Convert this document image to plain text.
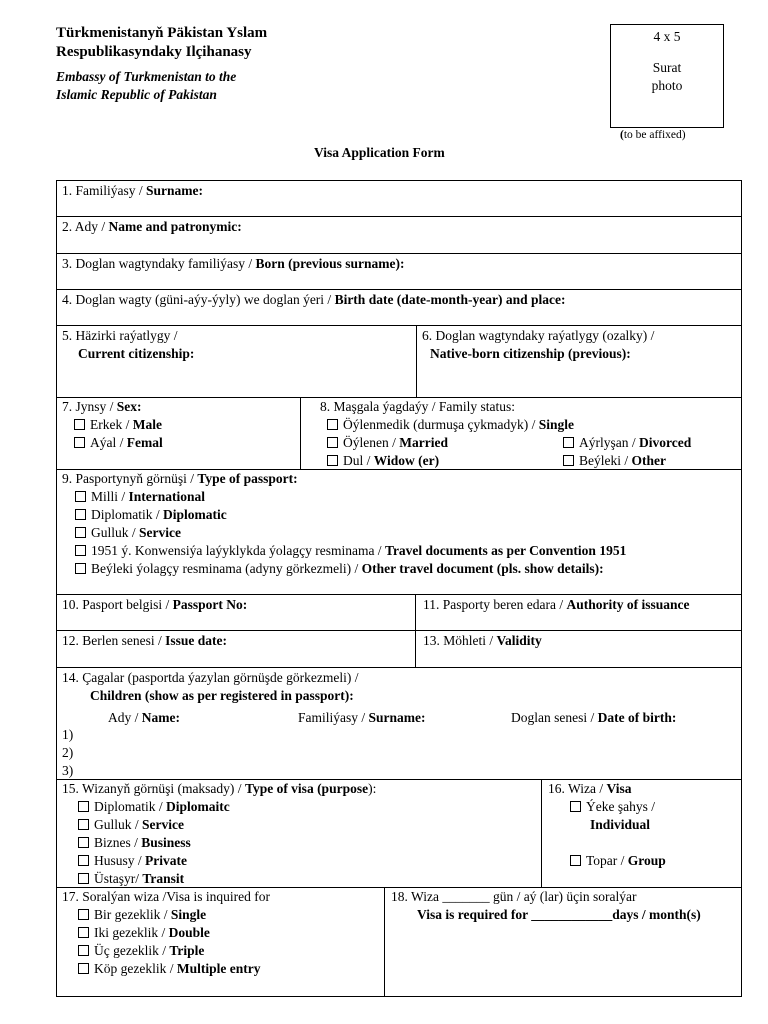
Türkmenistanyň Päkistan Yslam
Respublikasyndaky Ilçihanasy
Embassy of Turkmenistan to the
Islamic Republic of Pakistan
4 x 5
Surat
photo
(to be affixed)
Visa Application Form
1. Familiýasy / Surname:
2. Ady / Name and patronymic:
3. Doglan wagtyndaky familiýasy / Born (previous surname):
4. Doglan wagty (güni-aýy-ýyly) we doglan ýeri / Birth date (date-month-year) and place:
5. Häzirki raýatlygy /
Current citizenship:
6. Doglan wagtyndaky raýatlygy (ozalky) /
Native-born citizenship (previous):
7. Jynsy / Sex:
Erkek / Male
Aýal / Femal
8. Maşgala ýagdaýy / Family status:
Öýlenmedik (durmuşa çykmadyk) / Single
Öýlenen / Married
Dul / Widow (er)
Aýrlyşan / Divorced
Beýleki / Other
9. Pasportynyň görnüşi / Type of passport:
Milli / International
Diplomatik / Diplomatic
Gulluk / Service
1951 ý. Konwensiýa laýyklykda ýolagçy resminama / Travel documents as per Convention 1951
Beýleki ýolagçy resminama (adyny görkezmeli) / Other travel document (pls. show details):
10. Pasport belgisi / Passport No:	11. Pasporty beren edara / Authority of issuance
12. Berlen senesi / Issue date:	13. Möhleti / Validity
14. Çagalar (pasportda ýazylan görnüşde görkezmeli) /
Children (show as per registered in passport):
Ady / Name:	Familiýasy / Surname:	Doglan senesi / Date of birth:
1)
2)
3)
15. Wizanyň görnüşi (maksady) / Type of visa (purpose):
Diplomatik / Diplomaitc
Gulluk / Service
Biznes / Business
Hususy / Private
Üstaşyr/ Transit
16. Wiza / Visa
Ýeke şahys /
Individual
Topar / Group
17. Soralýan wiza /Visa is inquired for
Bir gezeklik / Single
Iki gezeklik / Double
Üç gezeklik / Triple
Köp gezeklik / Multiple entry
18. Wiza _______ gün / aý (lar) üçin soralýar
Visa is required for ____________days / month(s)
